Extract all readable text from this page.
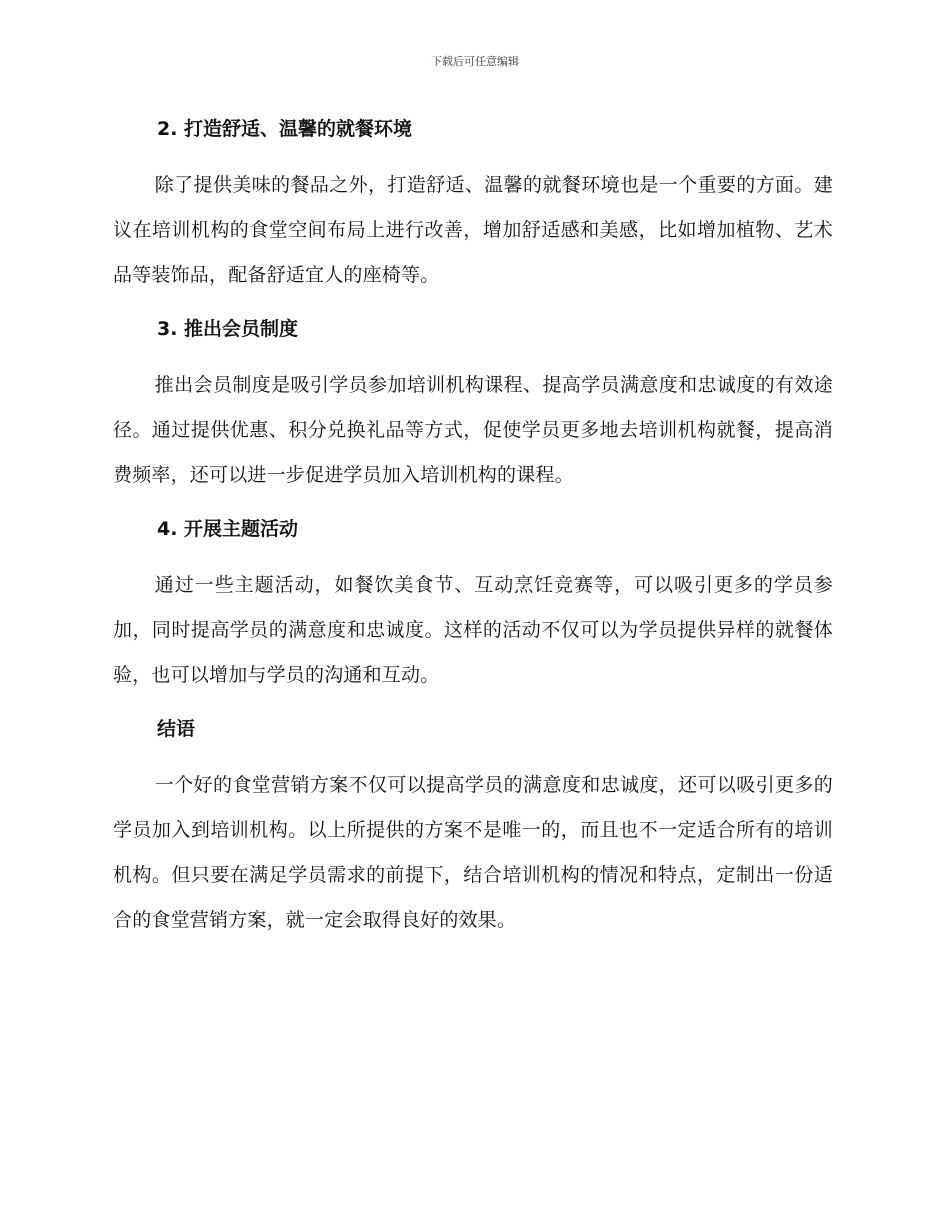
下载后可任意编辑
2. 打造舒适、温馨的就餐环境

除了提供美味的餐品之外，打造舒适、温馨的就餐环境也是一个重要的方面。建议在培训机构的食堂空间布局上进行改善，增加舒适感和美感，比如增加植物、艺术品等装饰品，配备舒适宜人的座椅等。

3. 推出会员制度

推出会员制度是吸引学员参加培训机构课程、提高学员满意度和忠诚度的有效途径。通过提供优惠、积分兑换礼品等方式，促使学员更多地去培训机构就餐，提高消费频率，还可以进一步促进学员加入培训机构的课程。

4. 开展主题活动

通过一些主题活动，如餐饮美食节、互动烹饪竞赛等，可以吸引更多的学员参加，同时提高学员的满意度和忠诚度。这样的活动不仅可以为学员提供异样的就餐体验，也可以增加与学员的沟通和互动。

结语

一个好的食堂营销方案不仅可以提高学员的满意度和忠诚度，还可以吸引更多的学员加入到培训机构。以上所提供的方案不是唯一的，而且也不一定适合所有的培训机构。但只要在满足学员需求的前提下，结合培训机构的情况和特点，定制出一份适合的食堂营销方案，就一定会取得良好的效果。
